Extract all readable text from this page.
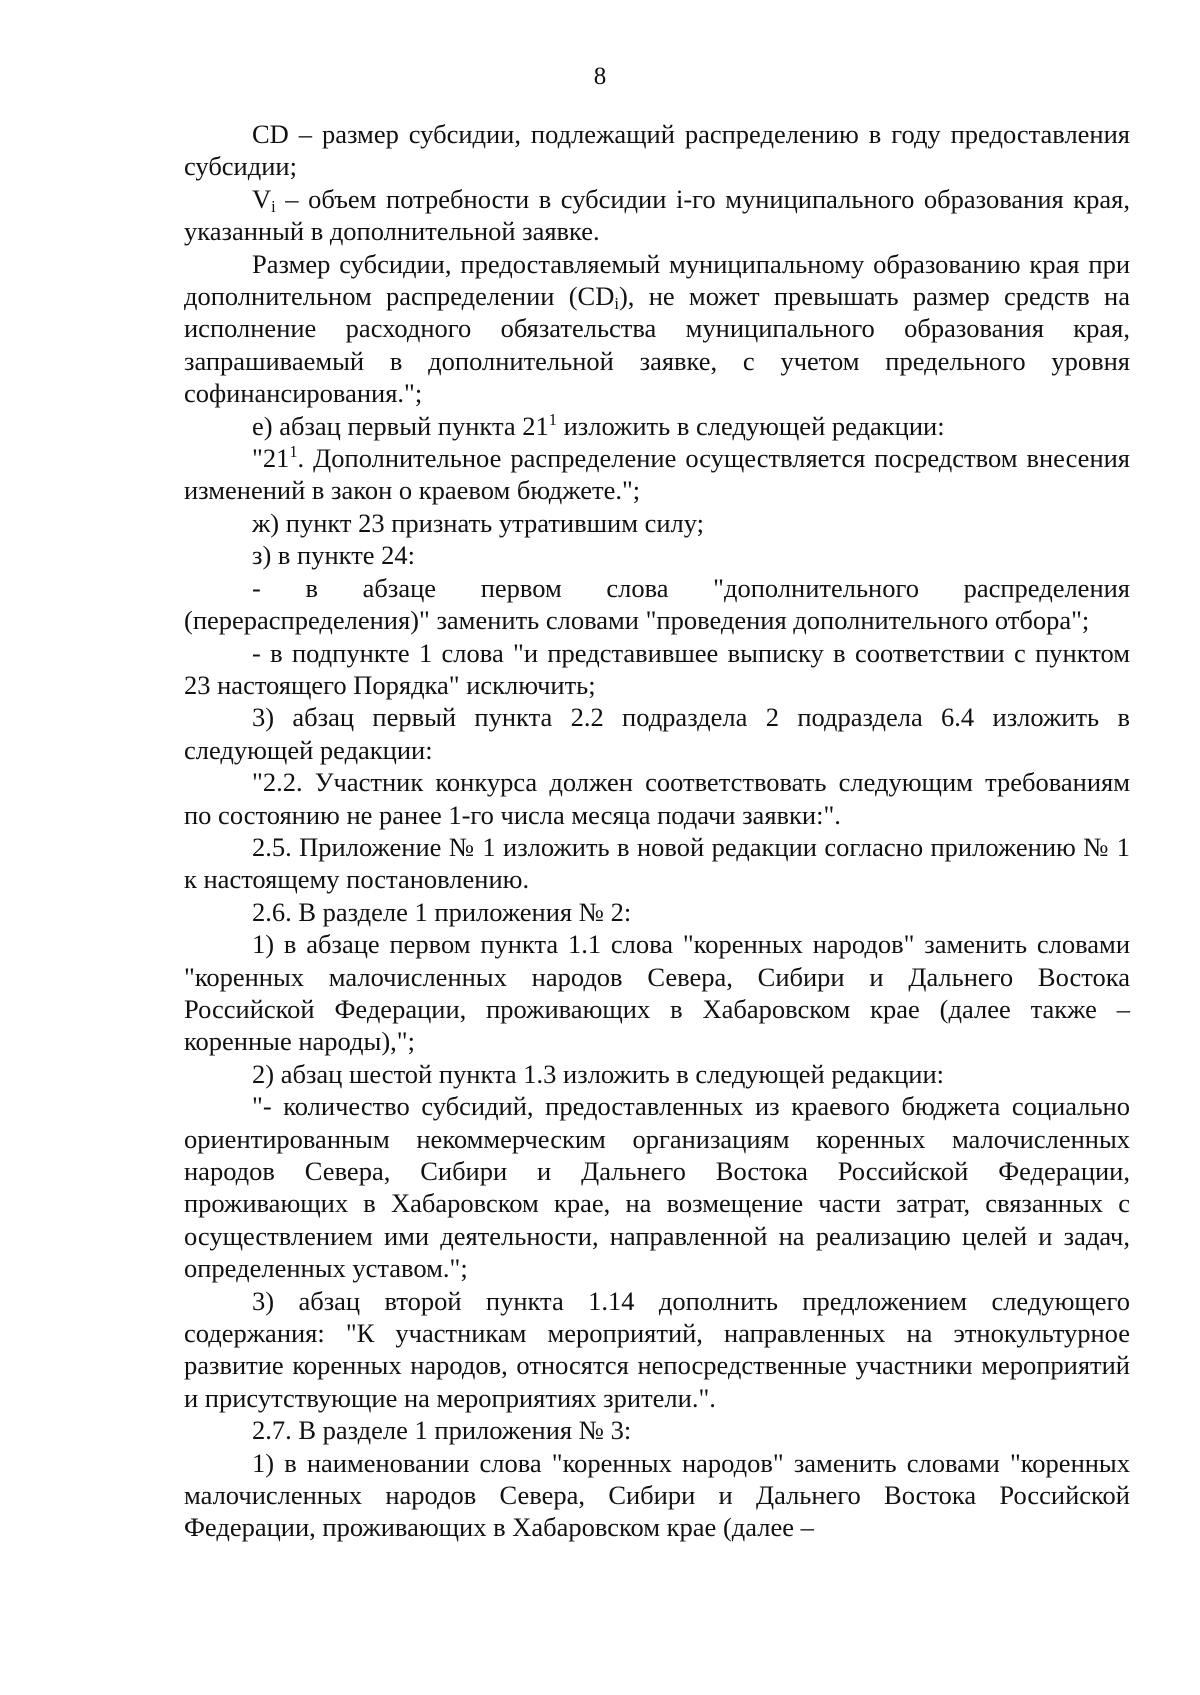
8

CD – размер субсидии, подлежащий распределению в году предоставления субсидии;

$V_i$ – объем потребности в субсидии i-го муниципального образования края, указанный в дополнительной заявке.

Размер субсидии, предоставляемый муниципальному образованию края при дополнительном распределении $(CD_i)$, не может превышать размер средств на исполнение расходного обязательства муниципального образования края, запрашиваемый в дополнительной заявке, с учетом предельного уровня софинансирования.";

е) абзац первый пункта $21^1$ изложить в следующей редакции:

"$21^1$. Дополнительное распределение осуществляется посредством внесения изменений в закон о краевом бюджете.";

ж) пункт 23 признать утратившим силу;

з) в пункте 24:

- в абзаце первом слова "дополнительного распределения (перераспределения)" заменить словами "проведения дополнительного отбора";

- в подпункте 1 слова "и представившее выписку в соответствии с пунктом 23 настоящего Порядка" исключить;

3) абзац первый пункта 2.2 подраздела 2 подраздела 6.4 изложить в следующей редакции:

"2.2. Участник конкурса должен соответствовать следующим требованиям по состоянию не ранее 1-го числа месяца подачи заявки:".

2.5. Приложение № 1 изложить в новой редакции согласно приложению № 1 к настоящему постановлению.

2.6. В разделе 1 приложения № 2:

1) в абзаце первом пункта 1.1 слова "коренных народов" заменить словами "коренных малочисленных народов Севера, Сибири и Дальнего Востока Российской Федерации, проживающих в Хабаровском крае (далее также – коренные народы),";

2) абзац шестой пункта 1.3 изложить в следующей редакции:

"- количество субсидий, предоставленных из краевого бюджета социально ориентированным некоммерческим организациям коренных малочисленных народов Севера, Сибири и Дальнего Востока Российской Федерации, проживающих в Хабаровском крае, на возмещение части затрат, связанных с осуществлением ими деятельности, направленной на реализацию целей и задач, определенных уставом.";

3) абзац второй пункта 1.14 дополнить предложением следующего содержания: "К участникам мероприятий, направленных на этнокультурное развитие коренных народов, относятся непосредственные участники мероприятий и присутствующие на мероприятиях зрители.".

2.7. В разделе 1 приложения № 3:

1) в наименовании слова "коренных народов" заменить словами "коренных малочисленных народов Севера, Сибири и Дальнего Востока Российской Федерации, проживающих в Хабаровском крае (далее –
